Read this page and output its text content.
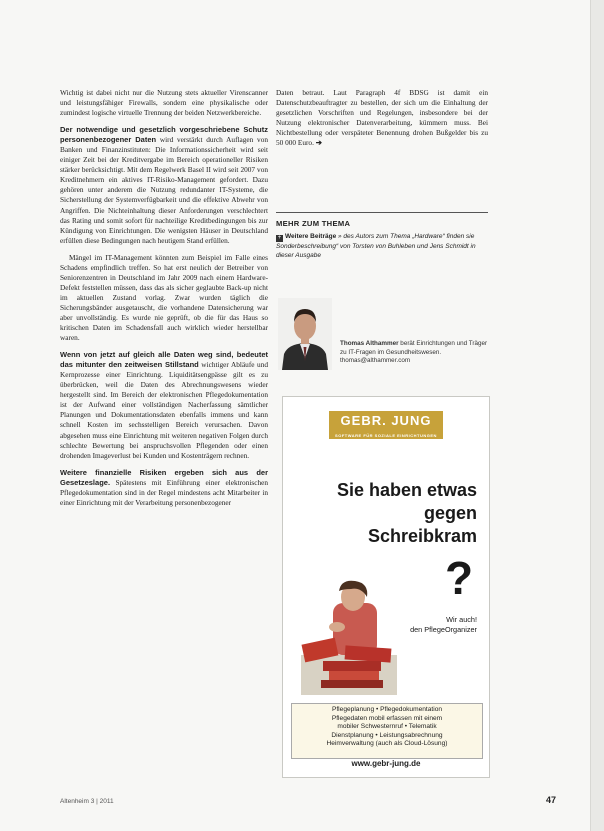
Wichtig ist dabei nicht nur die Nutzung stets aktueller Virenscanner und leistungsfähiger Firewalls, sondern eine physikalische oder zumindest logische virtuelle Trennung der beiden Netzwerkbereiche.

Der notwendige und gesetzlich vorgeschriebene Schutz personenbezogener Daten wird verstärkt durch Auflagen von Banken und Finanzinstituten: Die Informationssicherheit wird seit einiger Zeit bei der Kreditvergabe im Bereich operationeller Risiken stärker berücksichtigt. Mit dem Regelwerk Basel II wird seit 2007 von Kreditnehmern ein aktives IT-Risiko-Management gefordert. Dazu gehören unter anderem die Nutzung redundanter IT-Systeme, die Sicherstellung der Systemverfügbarkeit und die effektive Abwehr von Angriffen. Die Nichteinhaltung dieser Anforderungen verschlechtert das Rating und somit sofort für nachteilige Kreditbedingungen bis zur Kündigung von Einrichtungen. Die wenigsten Häuser in Deutschland erfüllen diese Bedingungen nach heutigem Stand erfüllen.

Mängel im IT-Management könnten zum Beispiel im Falle eines Schadens empfindlich treffen. So hat erst neulich der Betreiber von Seniorenzentren in Deutschland im Jahr 2009 nach einem Hardware-Defekt feststellen müssen, dass das als sicher geglaubte Back-up nicht im aktuellen Zustand vorlag. Zwar wurden täglich die Sicherungsbänder ausgetauscht, die vorhandene Datensicherung war aber unvollständig. Es wurde nie geprüft, ob die für das Haus so kritischen Daten im Schadensfall auch wirklich wieder herstellbar waren.

Wenn von jetzt auf gleich alle Daten weg sind, bedeutet das mitunter den zeitweisen Stillstand wichtiger Abläufe und Kernprozesse einer Einrichtung. Liquiditätsengpässe gilt es zu überbrücken, weil die Daten des Abrechnungswesens wieder hergestellt sind. Im Bereich der elektronischen Pflegedokumentation ist der Aufwand einer vollständigen Nacherfassung sämtlicher Planungen und Dokumentationsdaten ebenfalls immens und kann schnell Kosten im sechsstelligen Bereich verursachen. Davon abgesehen muss eine Einrichtung mit weiteren negativen Folgen durch schlechte Bewertung bei anspruchsvollen Pflegenden oder einen drohenden Imageverlust bei Kunden und Kostenträgern rechnen.

Weitere finanzielle Risiken ergeben sich aus der Gesetzeslage. Spätestens mit Einführung einer elektronischen Pflegedokumentation sind in der Regel mindestens acht Mitarbeiter in einer Einrichtung mit der Verarbeitung personenbezogener

Daten betraut. Laut Paragraph 4f BDSG ist damit ein Datenschutzbeauftragter zu bestellen, der sich um die Einhaltung der gesetzlichen Vorschriften und Regelungen, insbesondere bei der Nutzung elektronischer Datenverarbeitung, kümmern muss. Bei Nichtbestellung oder verspäteter Benennung drohen Bußgelder bis zu 50 000 Euro. ➔

MEHR ZUM THEMA
+ Weitere Beiträge » des Autors zum Thema „Hardware“ finden sie Sonderbeschreibung“ von Torsten von Buhleben und Jens Schmidt in dieser Ausgabe
Thomas Althammer berät Einrichtungen und Träger zu IT-Fragen im Gesundheitswesen.
thomas@althammer.com
GEBR. JUNG
SOFTWARE FÜR SOZIALE EINRICHTUNGEN
Sie haben etwas
gegen
Schreibkram
?
Wir auch!
den PflegeOrganizer
Pflegeplanung • Pflegedokumentation
Pflegedaten mobil erfassen mit einem
mobiler Schwesternruf • Telematik
Dienstplanung • Leistungsabrechnung
Heimverwaltung (auch als Cloud-Lösung)
www.gebr-jung.de
Altenheim 3 | 2011	47
